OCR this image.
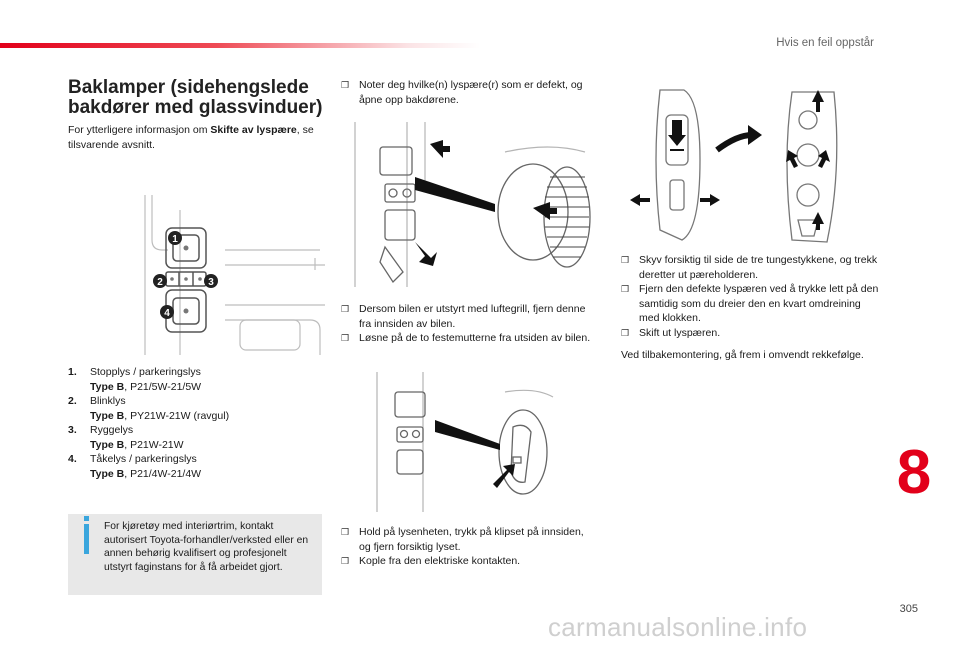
Hvis en feil oppstår
Baklamper (sidehengslede bakdører med glassvinduer)
For ytterligere informasjon om Skifte av lyspære, se tilsvarende avsnitt.
1
2	3
4
1.	Stopplys / parkeringslys
Type B, P21/5W-21/5W
2.	Blinklys
Type B, PY21W-21W (ravgul)
3.	Ryggelys
Type B, P21W-21W
4.	Tåkelys / parkeringslys
Type B, P21/4W-21/4W
For kjøretøy med interiørtrim, kontakt autorisert Toyota-forhandler/verksted eller en annen behørig kvalifisert og profesjonelt utstyrt faginstans for å få arbeidet gjort.
❒ Noter deg hvilke(n) lyspære(r) som er defekt, og åpne opp bakdørene.
❒ Dersom bilen er utstyrt med luftegrill, fjern denne fra innsiden av bilen.
❒ Løsne på de to festemutterne fra utsiden av bilen.
❒ Hold på lysenheten, trykk på klipset på innsiden, og fjern forsiktig lyset.
❒ Kople fra den elektriske kontakten.
❒ Skyv forsiktig til side de tre tungestykkene, og trekk deretter ut pæreholderen.
❒ Fjern den defekte lyspæren ved å trykke lett på den samtidig som du dreier den en kvart omdreining med klokken.
❒ Skift ut lyspæren.
Ved tilbakemontering, gå frem i omvendt rekkefølge.
8
305
carmanualsonline.info
